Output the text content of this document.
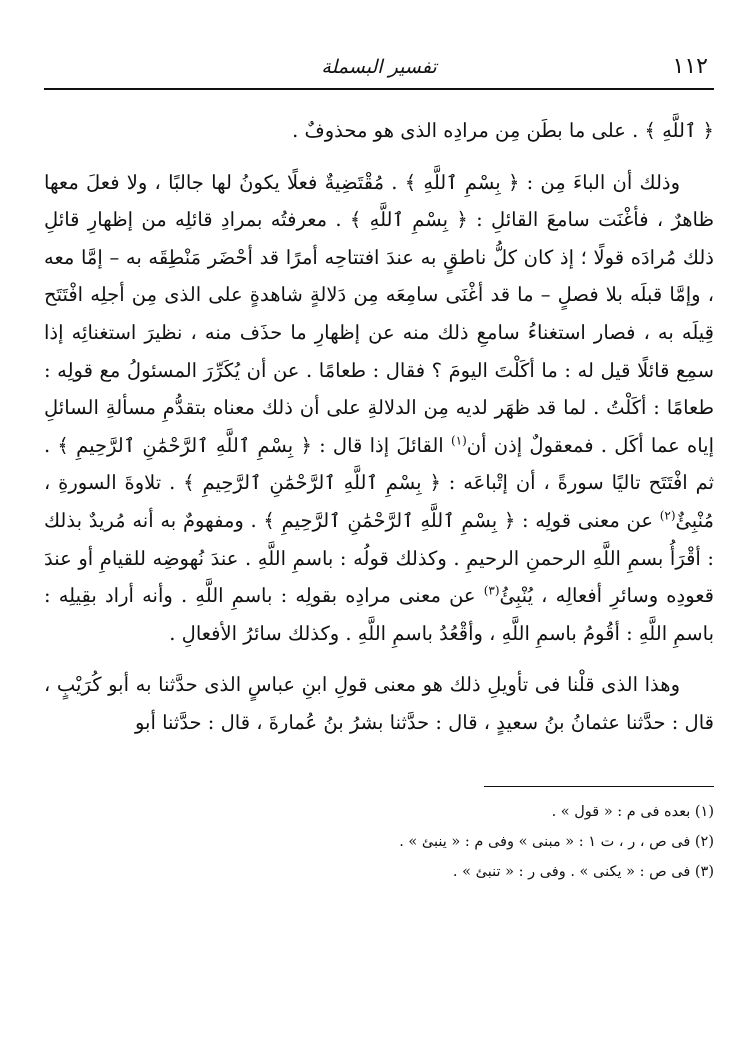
١١٢
تفسير البسملة

﴿ ٱللَّهِ ﴾ . على ما بطَن مِن مرادِه الذى هو محذوفٌ .

وذلك أن الباءَ مِن : ﴿ بِسْمِ ٱللَّهِ ﴾ . مُقْتَضِيةٌ فعلًا يكونُ لها جالبًا ، ولا فعلَ معها ظاهرٌ ، فأغْنَت سامعَ القائلِ : ﴿ بِسْمِ ٱللَّهِ ﴾ . معرفتُه بمرادِ قائلِه من إظهارِ قائلِ ذلك مُرادَه قولًا ؛ إذ كان كلُّ ناطقٍ به عندَ افتتاحِه أمرًا قد أحْضَر مَنْطِقَه به – إمَّا معه ، وإمَّا قبلَه بلا فصلٍ – ما قد أغْنَى سامِعَه مِن دَلالةٍ شاهدةٍ على الذى مِن أجلِه افْتَتَح قِيلَه به ، فصار استغناءُ سامعِ ذلك منه عن إظهارِ ما حذَف منه ، نظيرَ استغنائِه إذا سمِع قائلًا قيل له : ما أكَلْتَ اليومَ ؟ فقال : طعامًا . عن أن يُكَرِّرَ المسئولُ مع قولِه : طعامًا : أكَلْتُ . لما قد ظهَر لديه مِن الدلالةِ على أن ذلك معناه بتقدُّمِ مسألةِ السائلِ إياه عما أكَل . فمعقولٌ إذن أن$^{(١)}$ القائلَ إذا قال : ﴿ بِسْمِ ٱللَّهِ ٱلرَّحْمَٰنِ ٱلرَّحِيمِ ﴾ . ثم افْتَتَح تاليًا سورةً ، أن إتْباعَه : ﴿ بِسْمِ ٱللَّهِ ٱلرَّحْمَٰنِ ٱلرَّحِيمِ ﴾ . تلاوةَ السورةِ ، مُنْبِئٌ$^{(٢)}$ عن معنى قولِه : ﴿ بِسْمِ ٱللَّهِ ٱلرَّحْمَٰنِ ٱلرَّحِيمِ ﴾ . ومفهومٌ به أنه مُريدٌ بذلك : أقْرَأُ بسمِ اللَّهِ الرحمنِ الرحيمِ . وكذلك قولُه : باسمِ اللَّهِ . عندَ نُهوضِه للقيامِ أو عندَ قعودِه وسائرِ أفعالِه ، يُنْبِئُ$^{(٣)}$ عن معنى مرادِه بقولِه : باسمِ اللَّهِ . وأنه أراد بقِيلِه : باسمِ اللَّهِ : أقُومُ باسمِ اللَّهِ ، وأقْعُدُ باسمِ اللَّهِ . وكذلك سائرُ الأفعالِ .

وهذا الذى قلْنا فى تأويلِ ذلك هو معنى قولِ ابنِ عباسٍ الذى حدَّثنا به أبو كُرَيْبٍ ، قال : حدَّثنا عثمانُ بنُ سعيدٍ ، قال : حدَّثنا بشرُ بنُ عُمارةَ ، قال : حدَّثنا أبو

(١) بعده فى م : « قول » .
(٢) فى ص ، ر ، ت ١ : « مبنى » وفى م : « ينبئ » .
(٣) فى ص : « يكنى » . وفى ر : « تنبئ » .
